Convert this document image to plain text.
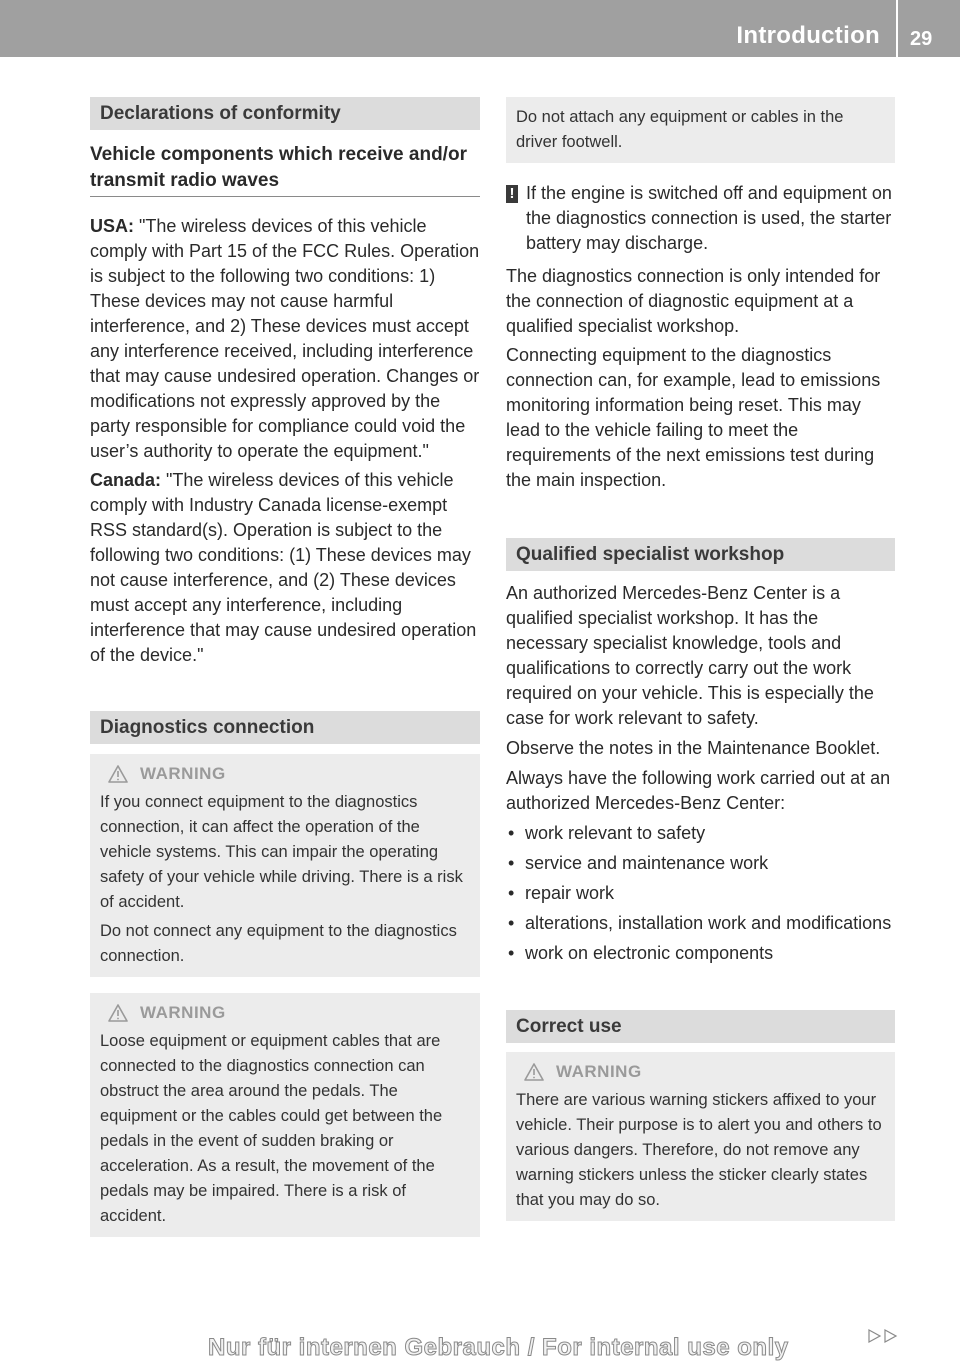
Introduction 29
Declarations of conformity
Vehicle components which receive and/or transmit radio waves

USA: "The wireless devices of this vehicle comply with Part 15 of the FCC Rules. Operation is subject to the following two conditions: 1) These devices may not cause harmful interference, and 2) These devices must accept any interference received, including interference that may cause undesired operation. Changes or modifications not expressly approved by the party responsible for compliance could void the user’s authority to operate the equipment."

Canada: "The wireless devices of this vehicle comply with Industry Canada license-exempt RSS standard(s). Operation is subject to the following two conditions: (1) These devices may not cause interference, and (2) These devices must accept any interference, including interference that may cause undesired operation of the device."

Diagnostics connection
WARNING

If you connect equipment to the diagnostics connection, it can affect the operation of the vehicle systems. This can impair the operating safety of your vehicle while driving. There is a risk of accident.

Do not connect any equipment to the diagnostics connection.

WARNING

Loose equipment or equipment cables that are connected to the diagnostics connection can obstruct the area around the pedals. The equipment or the cables could get between the pedals in the event of sudden braking or acceleration. As a result, the movement of the pedals may be impaired. There is a risk of accident.

Do not attach any equipment or cables in the driver footwell.

! If the engine is switched off and equipment on the diagnostics connection is used, the starter battery may discharge.

The diagnostics connection is only intended for the connection of diagnostic equipment at a qualified specialist workshop.

Connecting equipment to the diagnostics connection can, for example, lead to emissions monitoring information being reset. This may lead to the vehicle failing to meet the requirements of the next emissions test during the main inspection.

Qualified specialist workshop

An authorized Mercedes-Benz Center is a qualified specialist workshop. It has the necessary specialist knowledge, tools and qualifications to correctly carry out the work required on your vehicle. This is especially the case for work relevant to safety.

Observe the notes in the Maintenance Booklet.

Always have the following work carried out at an authorized Mercedes-Benz Center:

• work relevant to safety
• service and maintenance work
• repair work
• alterations, installation work and modifications
• work on electronic components
Correct use
WARNING

There are various warning stickers affixed to your vehicle. Their purpose is to alert you and others to various dangers. Therefore, do not remove any warning stickers unless the sticker clearly states that you may do so.

Nur für internen Gebrauch / For internal use only
